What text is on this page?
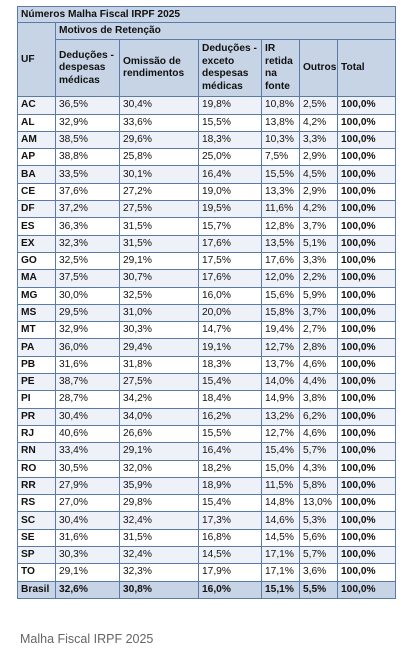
Números Malha Fiscal IRPF 2025						
UF	Motivos de Retenção					
	Deduções - despesas médicas	Omissão de rendimentos	Deduções - exceto despesas médicas	IR retida na fonte	Outros	Total
AC	36,5%	30,4%	19,8%	10,8%	2,5%	100,0%
AL	32,9%	33,6%	15,5%	13,8%	4,2%	100,0%
AM	38,5%	29,6%	18,3%	10,3%	3,3%	100,0%
AP	38,8%	25,8%	25,0%	7,5%	2,9%	100,0%
BA	33,5%	30,1%	16,4%	15,5%	4,5%	100,0%
CE	37,6%	27,2%	19,0%	13,3%	2,9%	100,0%
DF	37,2%	27,5%	19,5%	11,6%	4,2%	100,0%
ES	36,3%	31,5%	15,7%	12,8%	3,7%	100,0%
EX	32,3%	31,5%	17,6%	13,5%	5,1%	100,0%
GO	32,5%	29,1%	17,5%	17,6%	3,3%	100,0%
MA	37,5%	30,7%	17,6%	12,0%	2,2%	100,0%
MG	30,0%	32,5%	16,0%	15,6%	5,9%	100,0%
MS	29,5%	31,0%	20,0%	15,8%	3,7%	100,0%
MT	32,9%	30,3%	14,7%	19,4%	2,7%	100,0%
PA	36,0%	29,4%	19,1%	12,7%	2,8%	100,0%
PB	31,6%	31,8%	18,3%	13,7%	4,6%	100,0%
PE	38,7%	27,5%	15,4%	14,0%	4,4%	100,0%
PI	28,7%	34,2%	18,4%	14,9%	3,8%	100,0%
PR	30,4%	34,0%	16,2%	13,2%	6,2%	100,0%
RJ	40,6%	26,6%	15,5%	12,7%	4,6%	100,0%
RN	33,4%	29,1%	16,4%	15,4%	5,7%	100,0%
RO	30,5%	32,0%	18,2%	15,0%	4,3%	100,0%
RR	27,9%	35,9%	18,9%	11,5%	5,8%	100,0%
RS	27,0%	29,8%	15,4%	14,8%	13,0%	100,0%
SC	30,4%	32,4%	17,3%	14,6%	5,3%	100,0%
SE	31,6%	31,5%	16,8%	14,5%	5,6%	100,0%
SP	30,3%	32,4%	14,5%	17,1%	5,7%	100,0%
TO	29,1%	32,3%	17,9%	17,1%	3,6%	100,0%
Brasil	32,6%	30,8%	16,0%	15,1%	5,5%	100,0%
Malha Fiscal IRPF 2025
